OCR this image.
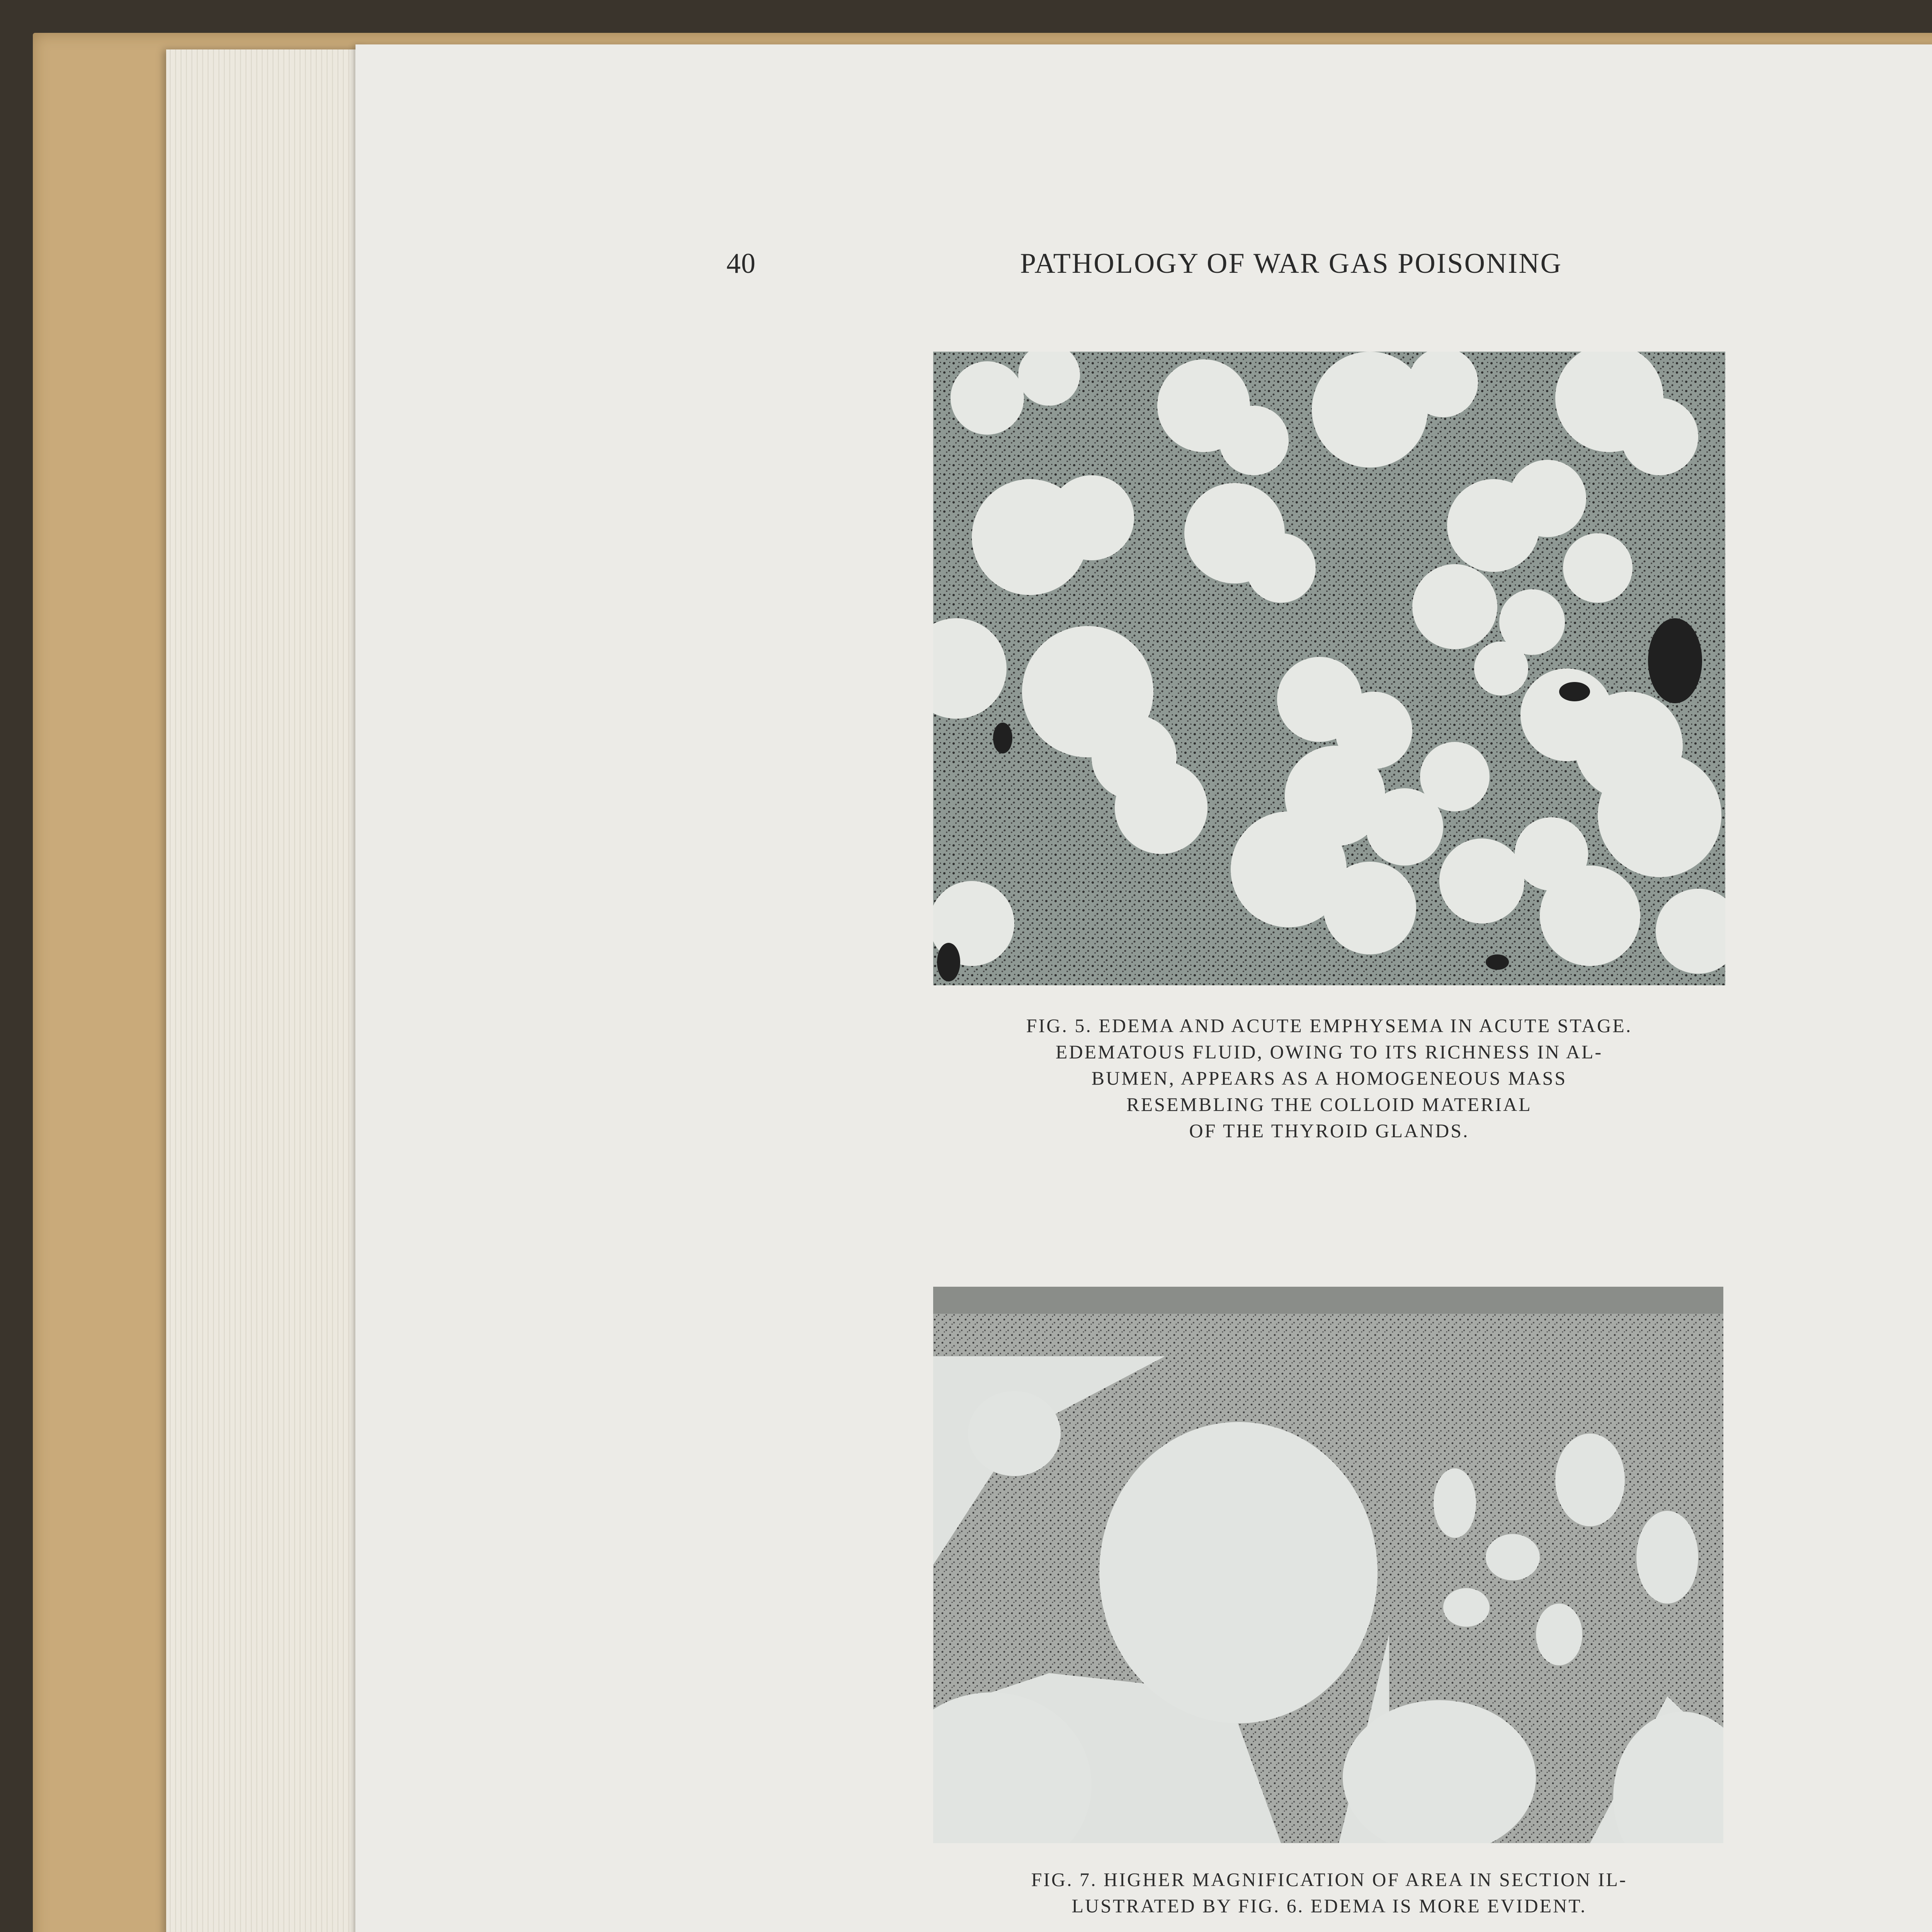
40	PATHOLOGY OF WAR GAS POISONING
FIG. 5. EDEMA AND ACUTE EMPHYSEMA IN ACUTE STAGE.
EDEMATOUS FLUID, OWING TO ITS RICHNESS IN AL-
BUMEN, APPEARS AS A HOMOGENEOUS MASS
RESEMBLING THE COLLOID MATERIAL
OF THE THYROID GLANDS.
FIG. 7. HIGHER MAGNIFICATION OF AREA IN SECTION IL-
LUSTRATED BY FIG. 6. EDEMA IS MORE EVIDENT.
